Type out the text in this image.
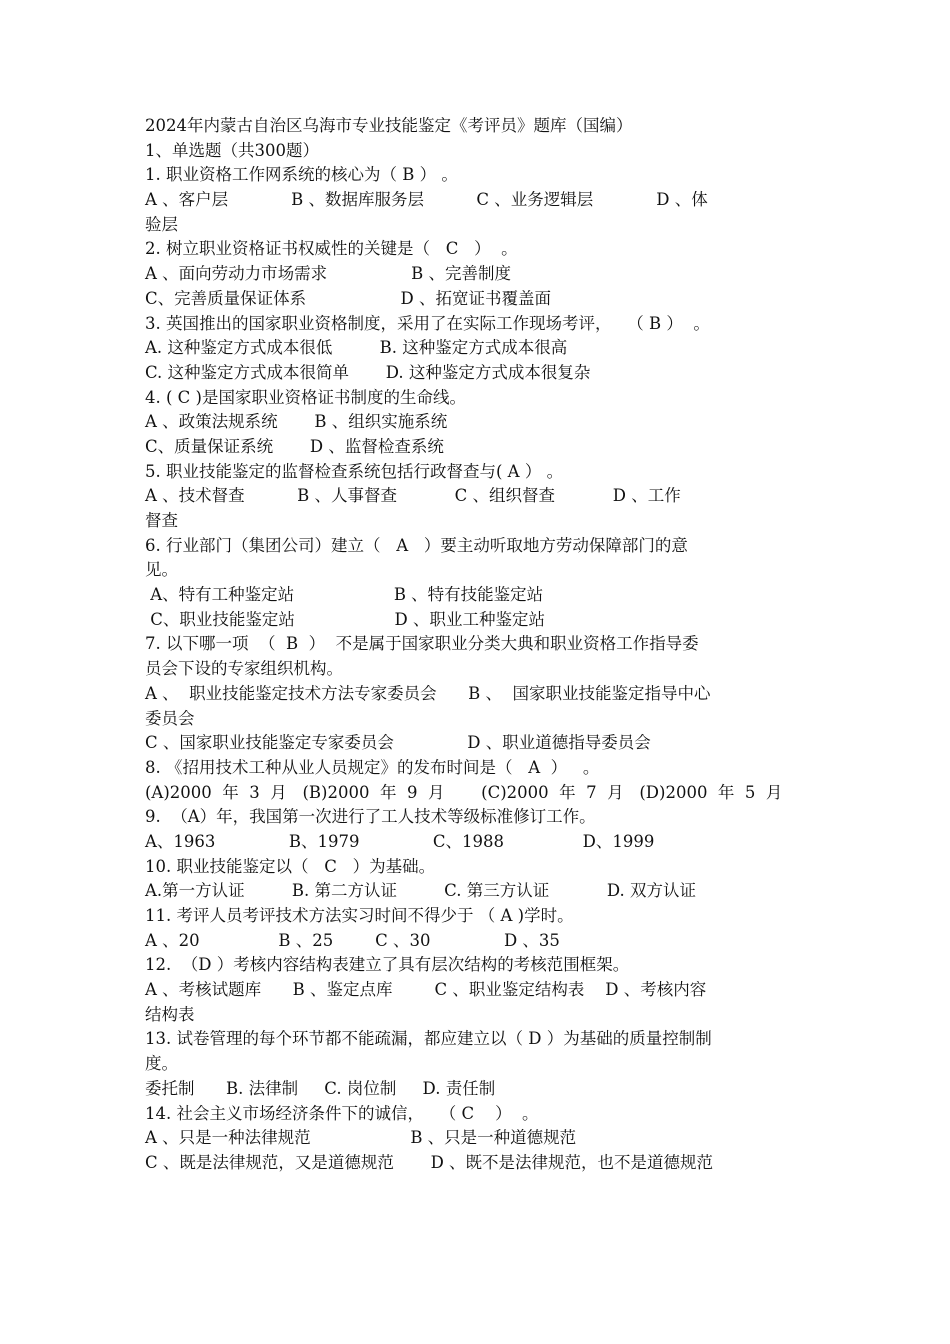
2024年内蒙古自治区乌海市专业技能鉴定《考评员》题库（国编）
1、单选题（共300题）
1. 职业资格工作网系统的核心为（ B ） 。
A 、客户层            B 、数据库服务层          C 、业务逻辑层            D 、体
验层
2. 树立职业资格证书权威性的关键是（   C   ）  。
A 、面向劳动力市场需求                B 、完善制度
C、完善质量保证体系                  D 、拓宽证书覆盖面
3. 英国推出的国家职业资格制度，采用了在实际工作现场考评，   （ B ）  。
A. 这种鉴定方式成本很低         B. 这种鉴定方式成本很高
C. 这种鉴定方式成本很简单       D. 这种鉴定方式成本很复杂
4. ( C )是国家职业资格证书制度的生命线。
A 、政策法规系统       B 、组织实施系统
C、质量保证系统       D 、监督检查系统
5. 职业技能鉴定的监督检查系统包括行政督查与( A ） 。
A 、技术督查          B 、人事督查           C 、组织督查           D 、工作
督查
6. 行业部门（集团公司）建立（   A   ）要主动听取地方劳动保障部门的意
见。
A、特有工种鉴定站                   B 、特有技能鉴定站
C、职业技能鉴定站                   D 、职业工种鉴定站
7. 以下哪一项  （  B  ）  不是属于国家职业分类大典和职业资格工作指导委
员会下设的专家组织机构。
A 、  职业技能鉴定技术方法专家委员会      B 、  国家职业技能鉴定指导中心
委员会
C 、国家职业技能鉴定专家委员会              D 、职业道德指导委员会
8. 《招用技术工种从业人员规定》的发布时间是（   A  ）   。
(A)2000  年  3  月   (B)2000  年  9  月       (C)2000  年  7  月   (D)2000  年  5  月
9.  （A）年，我国第一次进行了工人技术等级标准修订工作。
A、1963              B、1979              C、1988               D、1999
10. 职业技能鉴定以（   C   ）为基础。
A.第一方认证         B. 第二方认证         C. 第三方认证           D. 双方认证
11. 考评人员考评技术方法实习时间不得少于 （ A )学时。
A 、20               B 、25        C 、30              D 、35
12.  （D ）考核内容结构表建立了具有层次结构的考核范围框架。
A 、考核试题库      B 、鉴定点库        C 、职业鉴定结构表    D 、考核内容
结构表
13. 试卷管理的每个环节都不能疏漏，都应建立以（ D ）为基础的质量控制制
度。
委托制      B. 法律制     C. 岗位制     D. 责任制
14. 社会主义市场经济条件下的诚信，   （ C    ）  。
A 、只是一种法律规范                   B 、只是一种道德规范
C 、既是法律规范，又是道德规范       D 、既不是法律规范，也不是道德规范
